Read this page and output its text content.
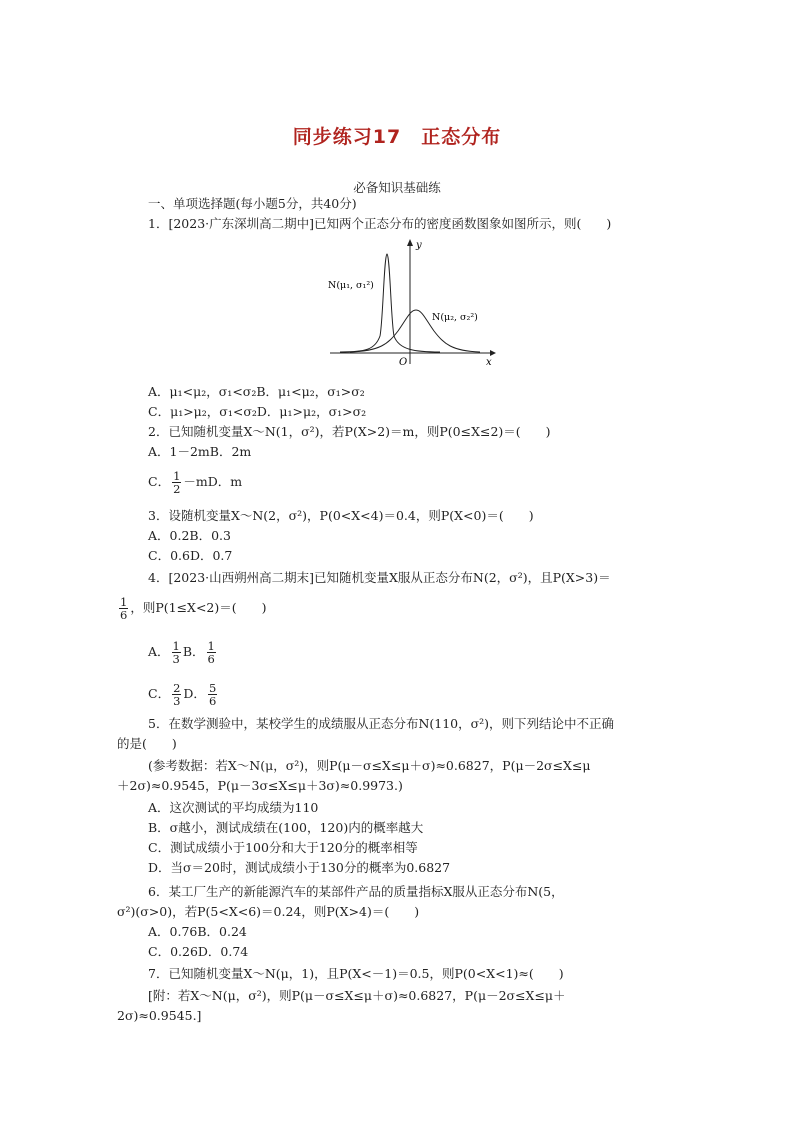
同步练习17 正态分布
必备知识基础练
一、单项选择题(每小题5分，共40分)
1．[2023·广东深圳高二期中]已知两个正态分布的密度函数图象如图所示，则(　　)
y
x
O
N(μ₁, σ₁²)
N(μ₂, σ₂²)
A．μ₁<μ₂，σ₁<σ₂B．μ₁<μ₂，σ₁>σ₂
C．μ₁>μ₂，σ₁<σ₂D．μ₁>μ₂，σ₁>σ₂
2．已知随机变量X～N(1，σ²)，若P(X>2)＝m，则P(0≤X≤2)＝(　　)
A．1－2mB．2m
C． $\frac{1}{2} -mD$．m
3．设随机变量X～N(2，σ²)，P(0<X<4)＝0.4，则P(X<0)＝(　　)
A．0.2B．0.3
C．0.6D．0.7
4．[2023·山西朔州高二期末]已知随机变量X服从正态分布N(2，σ²)，且P(X>3)＝
$\frac{1}{6}$ ，则P(1≤X<2)＝(　　)
A． $\frac{1}{3}$ B． $\frac{1}{6}$
C． $\frac{2}{3}$ D． $\frac{5}{6}$
5．在数学测验中，某校学生的成绩服从正态分布N(110，σ²)，则下列结论中不正确
的是(　　)
(参考数据：若X～N(μ，σ²)，则P(μ－σ≤X≤μ＋σ)≈0.6827，P(μ－2σ≤X≤μ
＋2σ)≈0.9545，P(μ－3σ≤X≤μ＋3σ)≈0.9973.)
A．这次测试的平均成绩为110
B．σ越小，测试成绩在(100，120)内的概率越大
C．测试成绩小于100分和大于120分的概率相等
D．当σ＝20时，测试成绩小于130分的概率为0.6827
6．某工厂生产的新能源汽车的某部件产品的质量指标X服从正态分布N(5，
σ²)(σ>0)，若P(5<X<6)＝0.24，则P(X>4)＝(　　)
A．0.76B．0.24
C．0.26D．0.74
7．已知随机变量X～N(μ，1)，且P(X<－1)＝0.5，则P(0<X<1)≈(　　)
[附：若X～N(μ，σ²)，则P(μ－σ≤X≤μ＋σ)≈0.6827，P(μ－2σ≤X≤μ＋
2σ)≈0.9545.]
